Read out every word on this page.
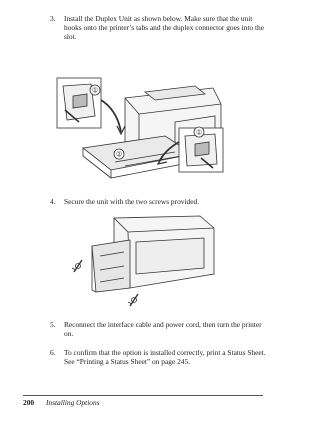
3.	Install the Duplex Unit as shown below. Make sure that the unit hooks onto the printer’s tabs and the duplex connector goes into the slot.
①
①
②
4.	Secure the unit with the two screws provided.
5.	Reconnect the interface cable and power cord, then turn the printer on.
6.	To confirm that the option is installed correctly, print a Status Sheet. See “Printing a Status Sheet” on page 245.
200 Installing Options
